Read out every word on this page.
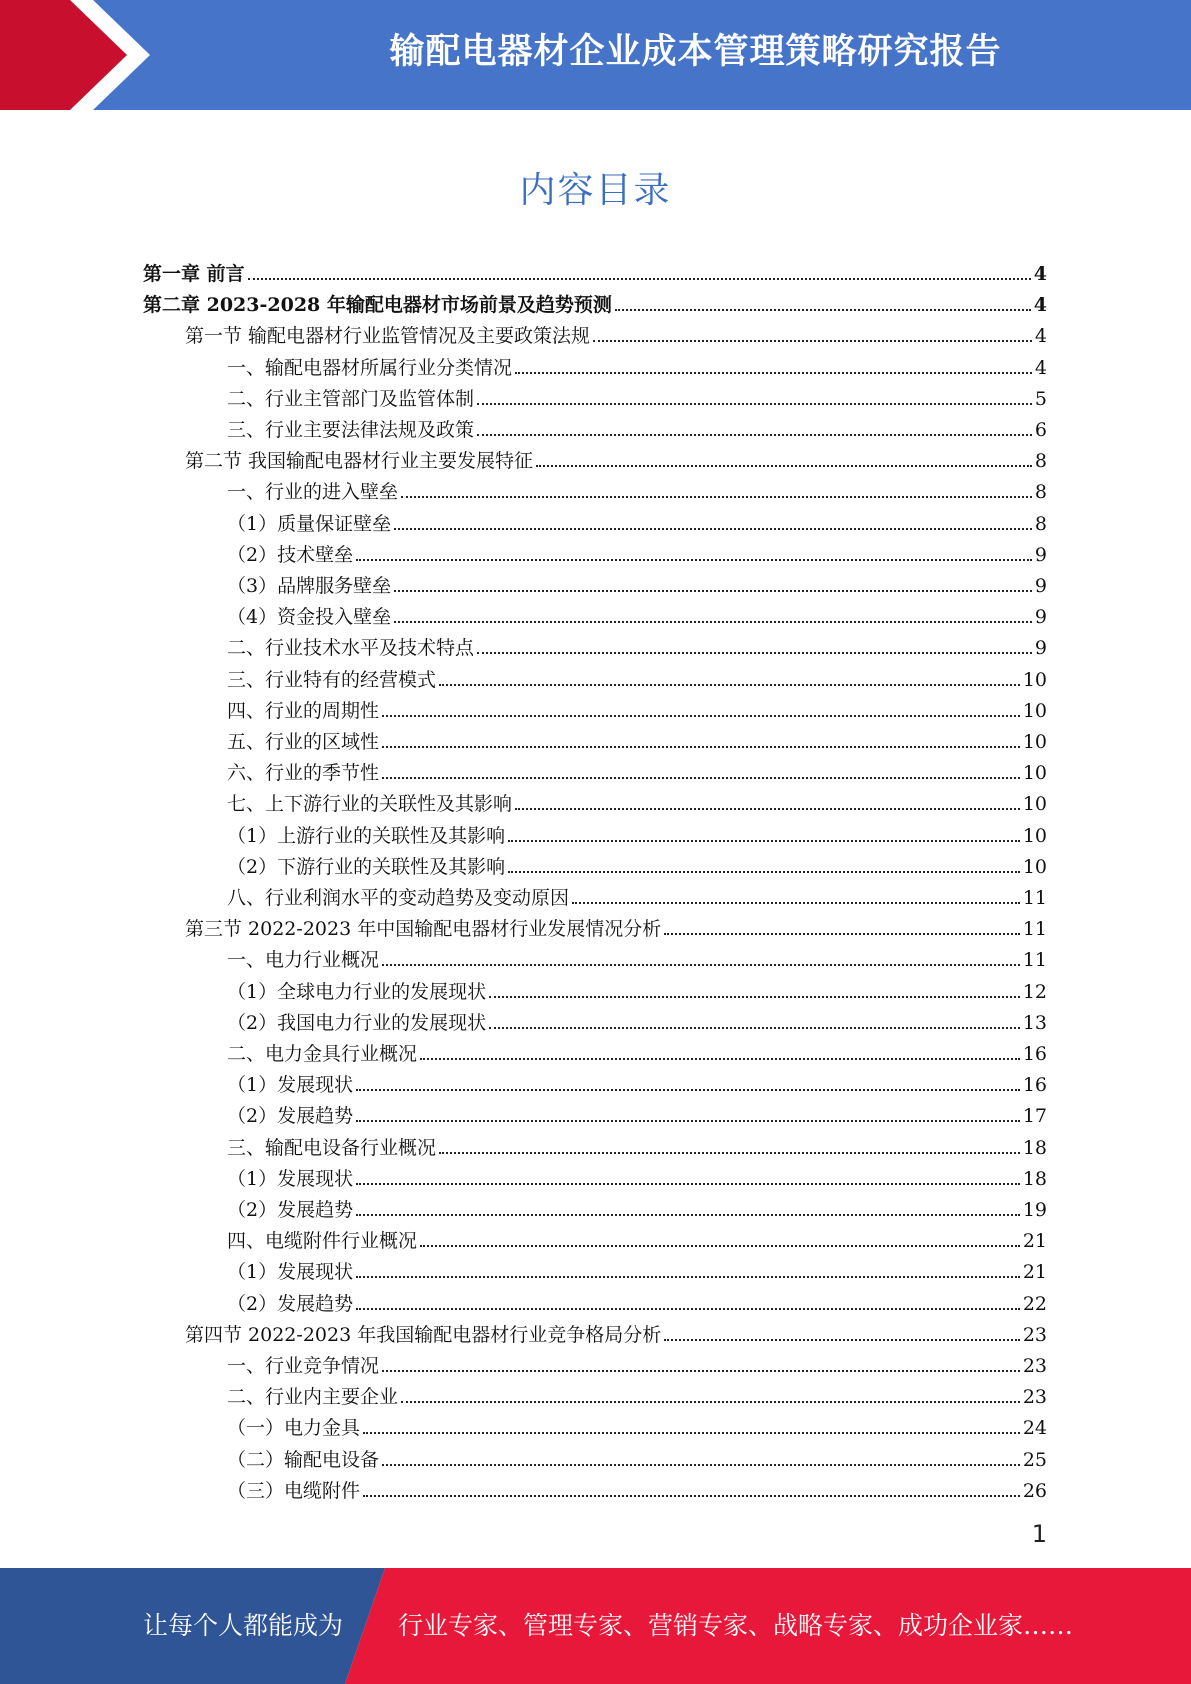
输配电器材企业成本管理策略研究报告
内容目录
第一章 前言	4
第二章 2023-2028 年输配电器材市场前景及趋势预测	4
第一节 输配电器材行业监管情况及主要政策法规	4
一、输配电器材所属行业分类情况	4
二、行业主管部门及监管体制	5
三、行业主要法律法规及政策	6
第二节 我国输配电器材行业主要发展特征	8
一、行业的进入壁垒	8
（1）质量保证壁垒	8
（2）技术壁垒	9
（3）品牌服务壁垒	9
（4）资金投入壁垒	9
二、行业技术水平及技术特点	9
三、行业特有的经营模式	10
四、行业的周期性	10
五、行业的区域性	10
六、行业的季节性	10
七、上下游行业的关联性及其影响	10
（1）上游行业的关联性及其影响	10
（2）下游行业的关联性及其影响	10
八、行业利润水平的变动趋势及变动原因	11
第三节 2022-2023 年中国输配电器材行业发展情况分析	11
一、电力行业概况	11
（1）全球电力行业的发展现状	12
（2）我国电力行业的发展现状	13
二、电力金具行业概况	16
（1）发展现状	16
（2）发展趋势	17
三、输配电设备行业概况	18
（1）发展现状	18
（2）发展趋势	19
四、电缆附件行业概况	21
（1）发展现状	21
（2）发展趋势	22
第四节 2022-2023 年我国输配电器材行业竞争格局分析	23
一、行业竞争情况	23
二、行业内主要企业	23
（一）电力金具	24
（二）输配电设备	25
（三）电缆附件	26
1
让每个人都能成为 行业专家、管理专家、营销专家、战略专家、成功企业家……
